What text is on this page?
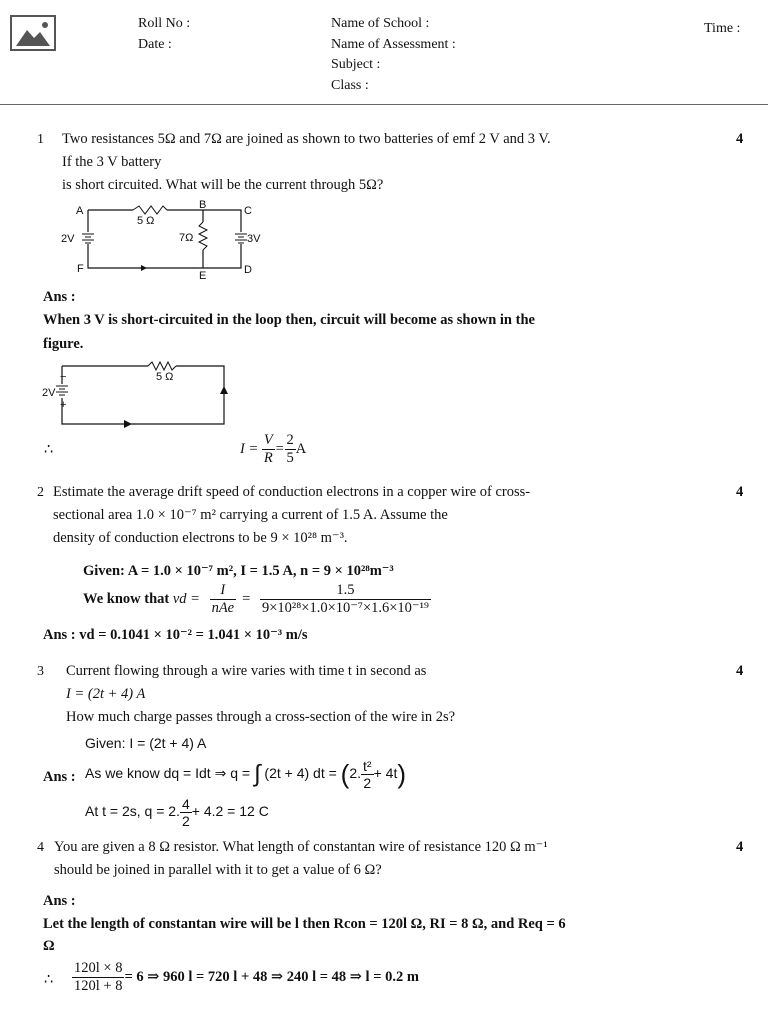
Roll No :
Date :
Name of School :
Name of Assessment :
Subject :
Class :
Time :
1	4
Two resistances 5Ω and 7Ω are joined as shown to two batteries of emf 2 V and 3 V.
If the 3 V battery
is short circuited. What will be the current through 5Ω?
A	B	C
D
E
F
5 Ω
7Ω
2V	3V
Ans :
When 3 V is short-circuited in the loop then, circuit will become as shown in the
figure.
5 Ω
2V
−
+
∴	$I = \frac{V}{R} = \frac{2}{5}$ A
2	4
Estimate the average drift speed of conduction electrons in a copper wire of cross-
sectional area 1.0 × 10⁻⁷ m² carrying a current of 1.5 A. Assume the
density of conduction electrons to be 9 × 10²⁸ m⁻³.
Given: A = 1.0 × 10⁻⁷ m², I = 1.5 A, n = 9 × 10²⁸m⁻³
We know that vd = $\frac{I}{\text{nAe}} = \frac{1.5}{\text{9×10²⁸×1.0×10⁻⁷×1.6×10⁻¹⁹}}$
Ans : vd = 0.1041 × 10⁻² = 1.041 × 10⁻³ m/s
3	4
Current flowing through a wire varies with time t in second as
I = (2t + 4) A
How much charge passes through a cross-section of the wire in 2s?
Given: I = (2t + 4) A
Ans : As we know dq = Idt ⇒ q = ∫ (2t + 4) dt = (2. $\frac{\text{t²}}{2} + 4t$)
At t = 2s, q = 2. $\frac{4}{2} + 4.2 = 12$ C
4	4
You are given a 8 Ω resistor. What length of constantan wire of resistance 120 Ω m⁻¹
should be joined in parallel with it to get a value of 6 Ω?
Ans :
Let the length of constantan wire will be l then Rcon = 120l Ω, RI = 8 Ω, and Req = 6
Ω
∴ $\frac{120l \times 8}{120l + 8} = 6$ ⇒ 960 l = 720 l + 48 ⇒ 240 l = 48 ⇒ l = 0.2 m
